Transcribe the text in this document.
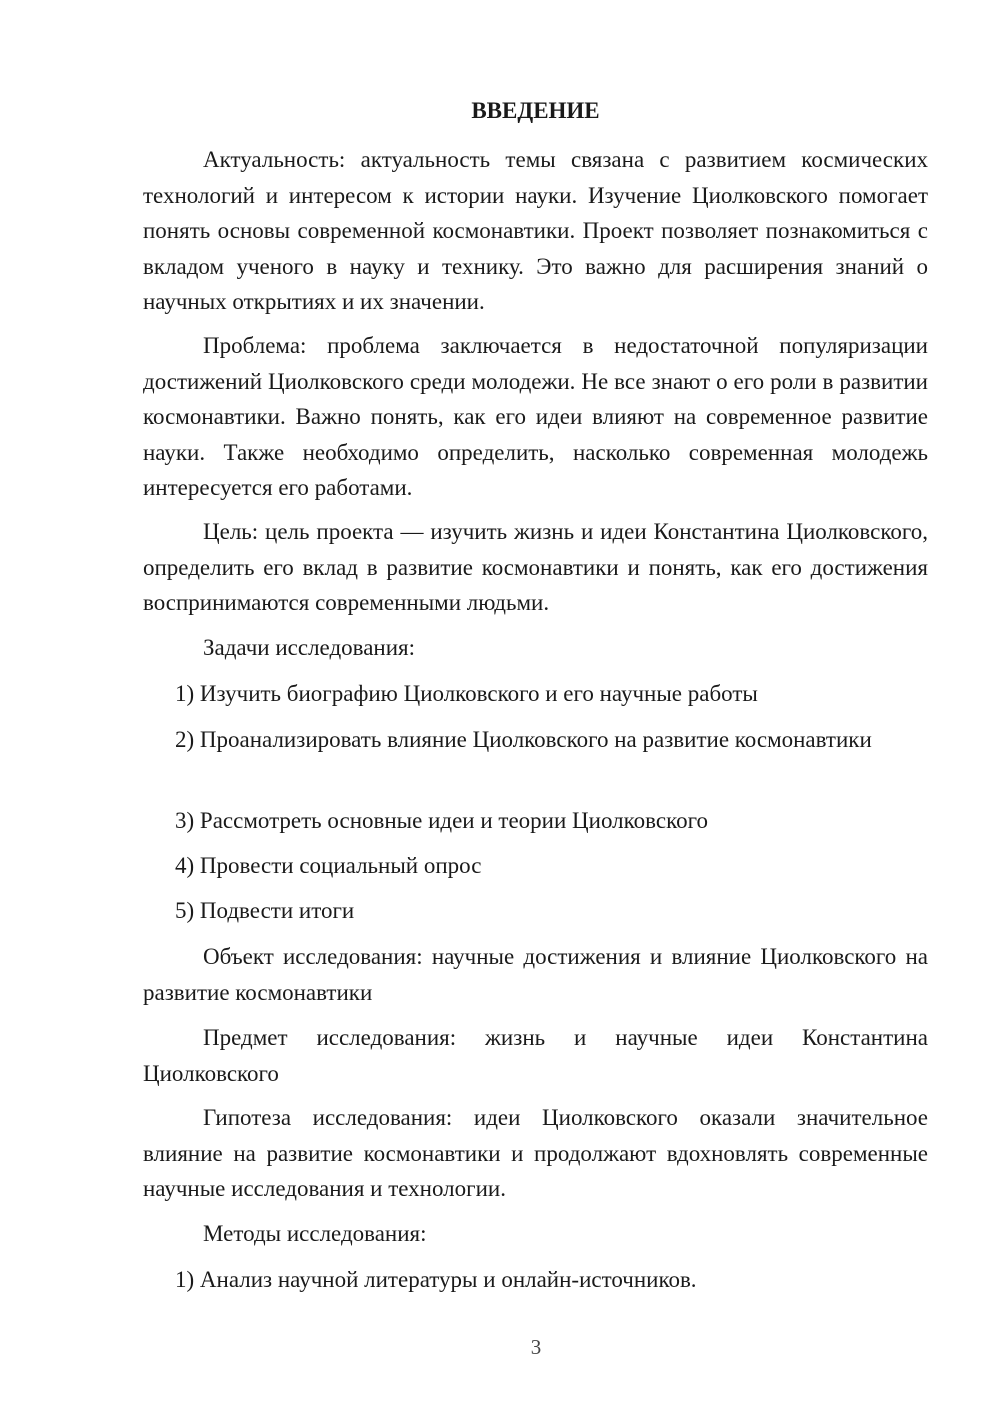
ВВЕДЕНИЕ

Актуальность: актуальность темы связана с развитием космических технологий и интересом к истории науки. Изучение Циолковского помогает понять основы современной космонавтики. Проект позволяет познакомиться с вкладом ученого в науку и технику. Это важно для расширения знаний о научных открытиях и их значении.

Проблема: проблема заключается в недостаточной популяризации достижений Циолковского среди молодежи. Не все знают о его роли в развитии космонавтики. Важно понять, как его идеи влияют на современное развитие науки. Также необходимо определить, насколько современная молодежь интересуется его работами.

Цель: цель проекта — изучить жизнь и идеи Константина Циолковского, определить его вклад в развитие космонавтики и понять, как его достижения воспринимаются современными людьми.

Задачи исследования:

1) Изучить биографию Циолковского и его научные работы

2) Проанализировать влияние Циолковского на развитие космонавтики

3) Рассмотреть основные идеи и теории Циолковского

4) Провести социальный опрос

5) Подвести итоги

Объект исследования: научные достижения и влияние Циолковского на развитие космонавтики

Предмет исследования: жизнь и научные идеи Константина Циолковского

Гипотеза исследования: идеи Циолковского оказали значительное влияние на развитие космонавтики и продолжают вдохновлять современные научные исследования и технологии.

Методы исследования:

1) Анализ научной литературы и онлайн-источников.

3
